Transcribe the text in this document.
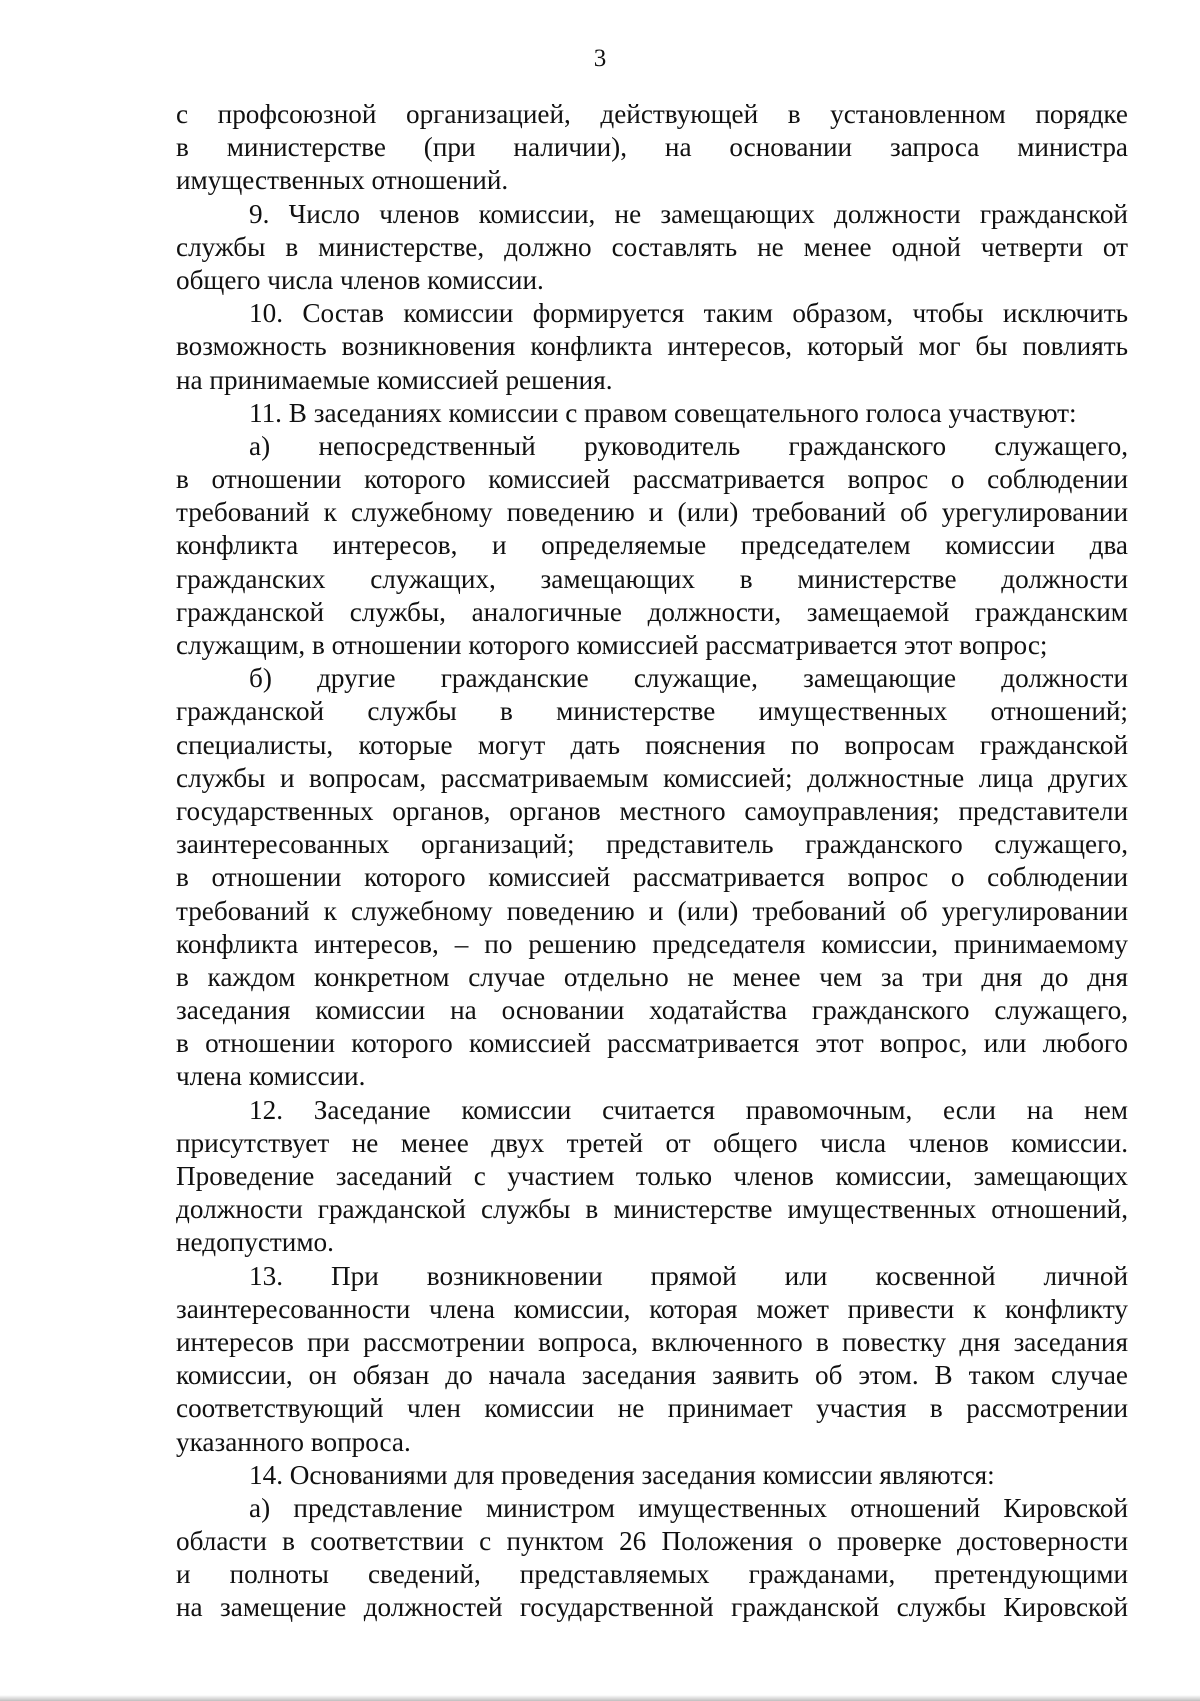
3
с профсоюзной организацией, действующей в установленном порядке
в министерстве (при наличии), на основании запроса министра
имущественных отношений.
9. Число членов комиссии, не замещающих должности гражданской
службы в министерстве, должно составлять не менее одной четверти от
общего числа членов комиссии.
10. Состав комиссии формируется таким образом, чтобы исключить
возможность возникновения конфликта интересов, который мог бы повлиять
на принимаемые комиссией решения.
11. В заседаниях комиссии с правом совещательного голоса участвуют:
а) непосредственный руководитель гражданского служащего,
в отношении которого комиссией рассматривается вопрос о соблюдении
требований к служебному поведению и (или) требований об урегулировании
конфликта интересов, и определяемые председателем комиссии два
гражданских служащих, замещающих в министерстве должности
гражданской службы, аналогичные должности, замещаемой гражданским
служащим, в отношении которого комиссией рассматривается этот вопрос;
б) другие гражданские служащие, замещающие должности
гражданской службы в министерстве имущественных отношений;
специалисты, которые могут дать пояснения по вопросам гражданской
службы и вопросам, рассматриваемым комиссией; должностные лица других
государственных органов, органов местного самоуправления; представители
заинтересованных организаций; представитель гражданского служащего,
в отношении которого комиссией рассматривается вопрос о соблюдении
требований к служебному поведению и (или) требований об урегулировании
конфликта интересов, – по решению председателя комиссии, принимаемому
в каждом конкретном случае отдельно не менее чем за три дня до дня
заседания комиссии на основании ходатайства гражданского служащего,
в отношении которого комиссией рассматривается этот вопрос, или любого
члена комиссии.
12. Заседание комиссии считается правомочным, если на нем
присутствует не менее двух третей от общего числа членов комиссии.
Проведение заседаний с участием только членов комиссии, замещающих
должности гражданской службы в министерстве имущественных отношений,
недопустимо.
13. При возникновении прямой или косвенной личной
заинтересованности члена комиссии, которая может привести к конфликту
интересов при рассмотрении вопроса, включенного в повестку дня заседания
комиссии, он обязан до начала заседания заявить об этом. В таком случае
соответствующий член комиссии не принимает участия в рассмотрении
указанного вопроса.
14. Основаниями для проведения заседания комиссии являются:
а) представление министром имущественных отношений Кировской
области в соответствии с пунктом 26 Положения о проверке достоверности
и полноты сведений, представляемых гражданами, претендующими
на замещение должностей государственной гражданской службы Кировской
